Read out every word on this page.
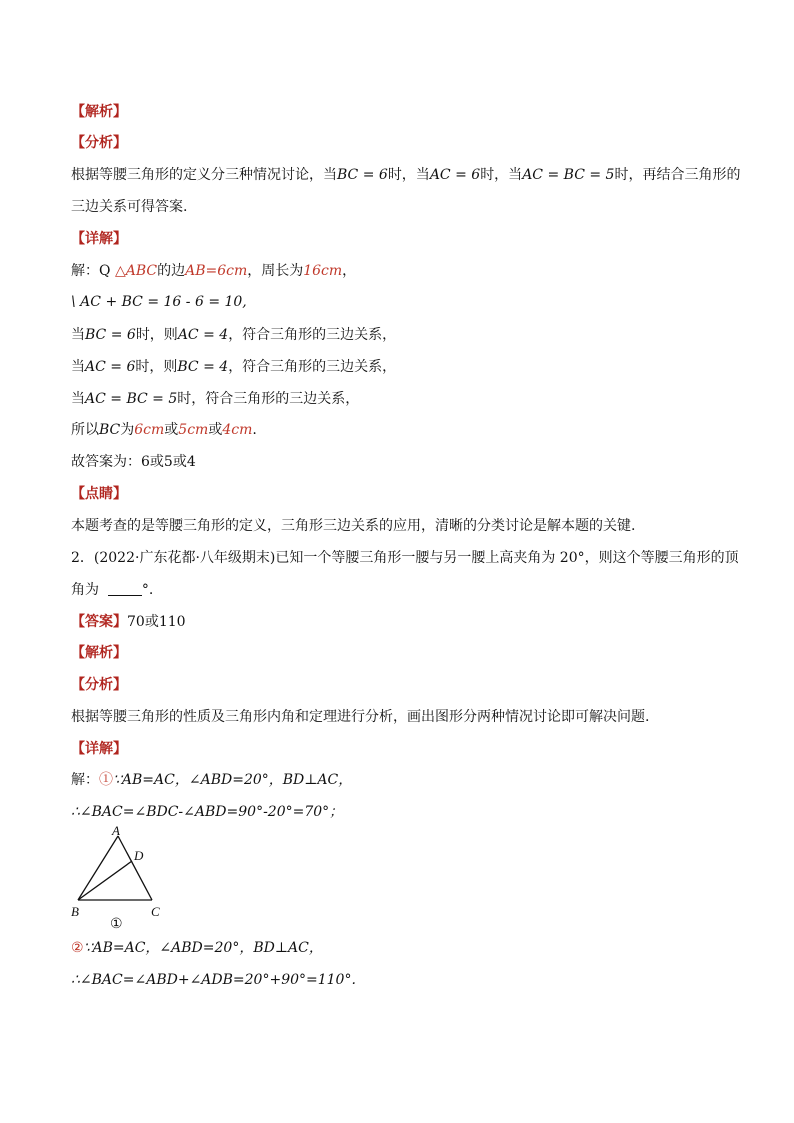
【解析】
【分析】
根据等腰三角形的定义分三种情况讨论，当BC = 6时，当AC = 6时，当AC = BC = 5时，再结合三角形的
三边关系可得答案.
【详解】
解：Q △ABC的边AB=6cm，周长为16cm，
\ AC + BC = 16 - 6 = 10,
当BC = 6时，则AC = 4，符合三角形的三边关系，
当AC = 6时，则BC = 4，符合三角形的三边关系，
当AC = BC = 5时，符合三角形的三边关系，
所以BC为6cm或5cm或4cm.
故答案为：6或5或4
【点睛】
本题考查的是等腰三角形的定义，三角形三边关系的应用，清晰的分类讨论是解本题的关键.
2．(2022·广东花都·八年级期末)已知一个等腰三角形一腰与另一腰上高夹角为 20°，则这个等腰三角形的顶
角为	°.
【答案】70或110
【解析】
【分析】
根据等腰三角形的性质及三角形内角和定理进行分析，画出图形分两种情况讨论即可解决问题.
【详解】
解：①∵AB=AC，∠ABD=20°，BD⊥AC，
∴∠BAC=∠BDC-∠ABD=90°-20°=70°；
A
B	C
D
①
②∵AB=AC，∠ABD=20°，BD⊥AC，
∴∠BAC=∠ABD+∠ADB=20°+90°=110°.
